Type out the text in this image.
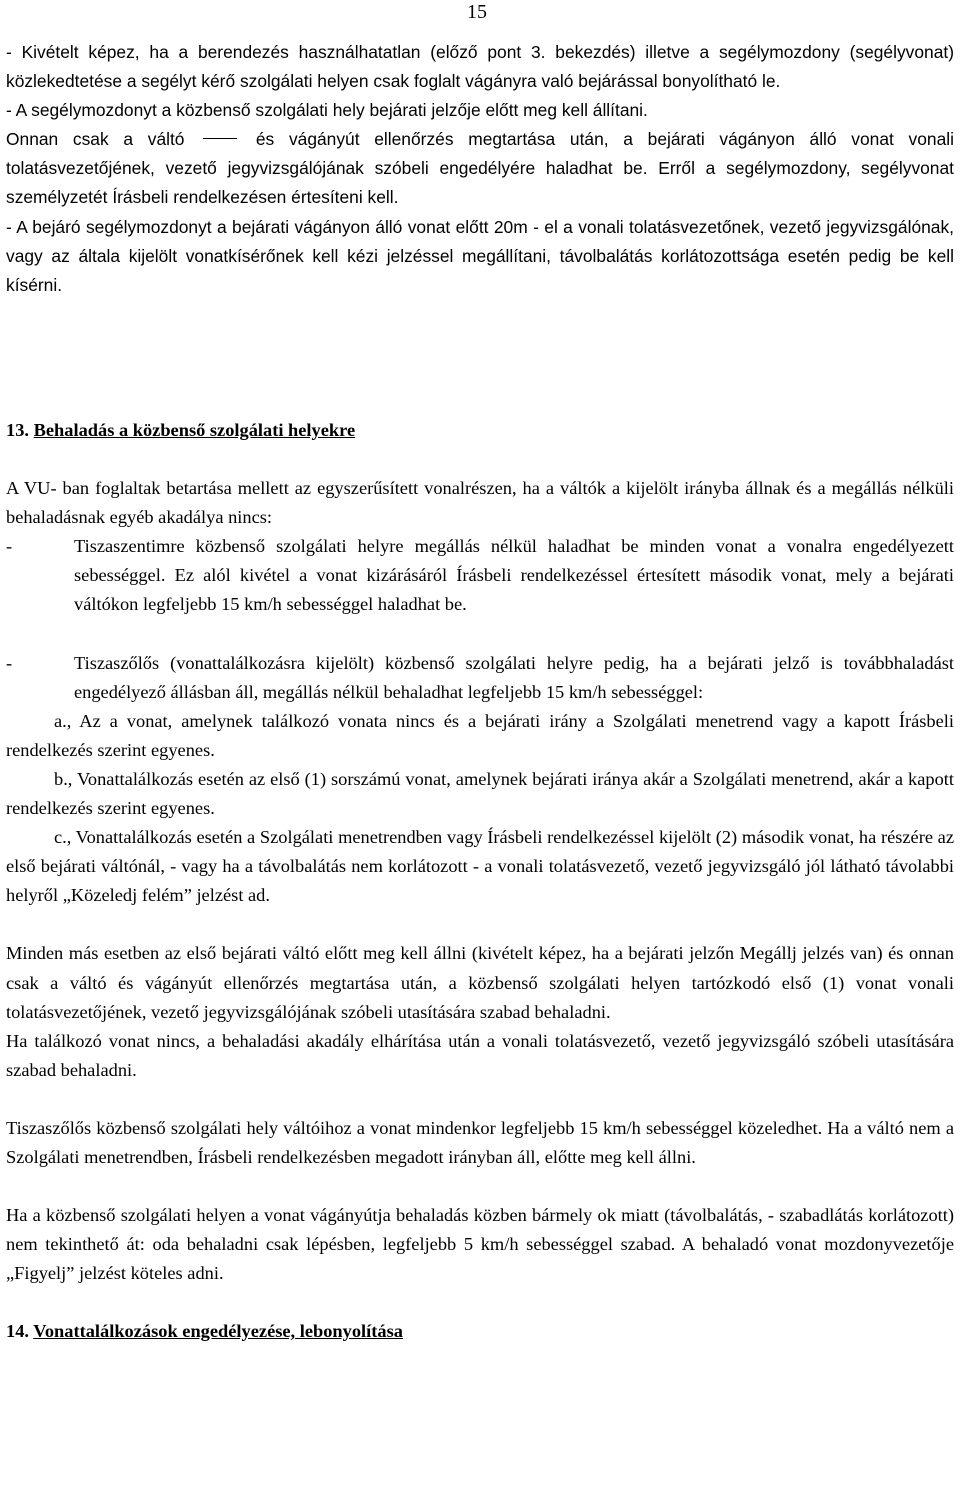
15

- Kivételt képez, ha a berendezés használhatatlan (előző pont 3. bekezdés) illetve a segélymozdony (segélyvonat) közlekedtetése a segélyt kérő szolgálati helyen csak foglalt vágányra való bejárással bonyolítható le.

- A segélymozdonyt a közbenső szolgálati hely bejárati jelzője előtt meg kell állítani.

Onnan csak a váltó	és vágányút ellenőrzés megtartása után, a bejárati vágányon álló vonat vonali tolatásvezetőjének, vezető jegyvizsgálójának szóbeli engedélyére haladhat be. Erről a segélymozdony, segélyvonat személyzetét Írásbeli rendelkezésen értesíteni kell.

- A bejáró segélymozdonyt a bejárati vágányon álló vonat előtt 20m - el a vonali tolatásvezetőnek, vezető jegyvizsgálónak, vagy az általa kijelölt vonatkísérőnek kell kézi jelzéssel megállítani, távolbalátás korlátozottsága esetén pedig be kell kísérni.

13. Behaladás a közbenső szolgálati helyekre

A VU- ban foglaltak betartása mellett az egyszerűsített vonalrészen, ha a váltók a kijelölt irányba állnak és a megállás nélküli behaladásnak egyéb akadálya nincs:

-	Tiszaszentimre közbenső szolgálati helyre megállás nélkül haladhat be minden vonat a vonalra engedélyezett sebességgel. Ez alól kivétel a vonat kizárásáról Írásbeli rendelkezéssel értesített második vonat, mely a bejárati váltókon legfeljebb 15 km/h sebességgel haladhat be.
-	Tiszaszőlős (vonattalálkozásra kijelölt) közbenső szolgálati helyre pedig, ha a bejárati jelző is továbbhaladást engedélyező állásban áll, megállás nélkül behaladhat legfeljebb 15 km/h sebességgel:

a., Az a vonat, amelynek találkozó vonata nincs és a bejárati irány a Szolgálati menetrend vagy a kapott Írásbeli rendelkezés szerint egyenes.

b., Vonattalálkozás esetén az első (1) sorszámú vonat, amelynek bejárati iránya akár a Szolgálati menetrend, akár a kapott rendelkezés szerint egyenes.

c., Vonattalálkozás esetén a Szolgálati menetrendben vagy Írásbeli rendelkezéssel kijelölt (2) második vonat, ha részére az első bejárati váltónál, - vagy ha a távolbalátás nem korlátozott - a vonali tolatásvezető, vezető jegyvizsgáló jól látható távolabbi helyről „Közeledj felém” jelzést ad.

Minden más esetben az első bejárati váltó előtt meg kell állni (kivételt képez, ha a bejárati jelzőn Megállj jelzés van) és onnan csak a váltó és vágányút ellenőrzés megtartása után, a közbenső szolgálati helyen tartózkodó első (1) vonat vonali tolatásvezetőjének, vezető jegyvizsgálójának szóbeli utasítására szabad behaladni.

Ha találkozó vonat nincs, a behaladási akadály elhárítása után a vonali tolatásvezető, vezető jegyvizsgáló szóbeli utasítására szabad behaladni.

Tiszaszőlős közbenső szolgálati hely váltóihoz a vonat mindenkor legfeljebb 15 km/h sebességgel közeledhet. Ha a váltó nem a Szolgálati menetrendben, Írásbeli rendelkezésben megadott irányban áll, előtte meg kell állni.

Ha a közbenső szolgálati helyen a vonat vágányútja behaladás közben bármely ok miatt (távolbalátás, - szabadlátás korlátozott) nem tekinthető át: oda behaladni csak lépésben, legfeljebb 5 km/h sebességgel szabad. A behaladó vonat mozdonyvezetője „Figyelj” jelzést köteles adni.

14. Vonattalálkozások engedélyezése, lebonyolítása
